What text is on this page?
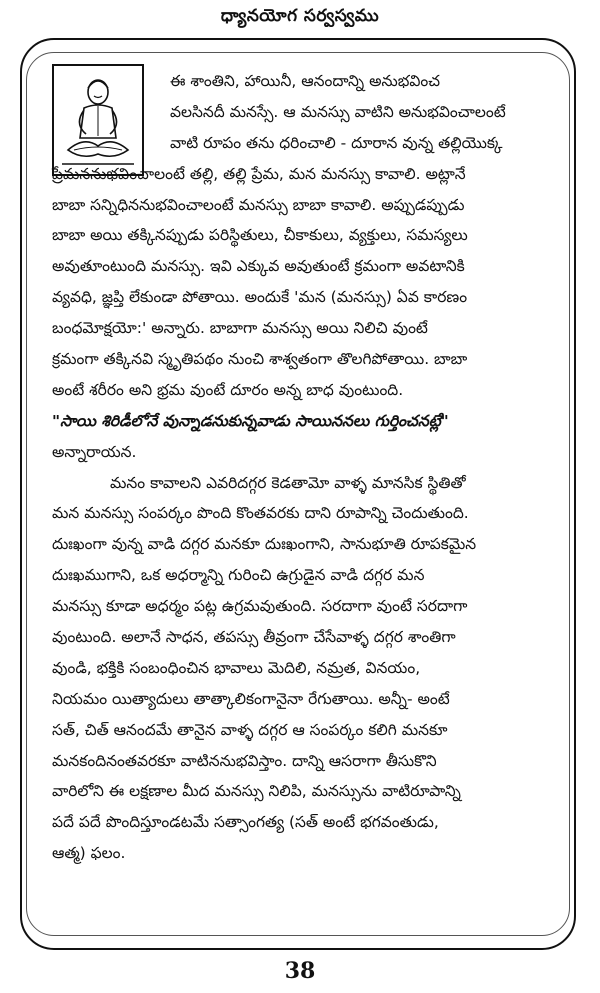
ధ్యానయోగ సర్వస్వము
ఈ శాంతిని, హాయినీ, ఆనందాన్ని అనుభవించ
వలసినదీ మనస్సే. ఆ మనస్సు వాటిని అనుభవించాలంటే
వాటి రూపం తను ధరించాలి - దూరాన వున్న తల్లియొక్క
ప్రేమననుభవించాలంటే తల్లి, తల్లి ప్రేమ, మన మనస్సు కావాలి. అట్లానే
బాబా సన్నిధిననుభవించాలంటే మనస్సు బాబా కావాలి. అప్పుడప్పుడు
బాబా అయి తక్కినప్పుడు పరిస్థితులు, చీకాకులు, వ్యక్తులు, సమస్యలు
అవుతూంటుంది మనస్సు. ఇవి ఎక్కువ అవుతుంటే క్రమంగా అవటానికి
వ్యవధి, జ్ఞప్తి లేకుండా పోతాయి. అందుకే 'మన (మనస్సు) ఏవ కారణం
బంధమోక్షయో:' అన్నారు. బాబాగా మనస్సు అయి నిలిచి వుంటే
క్రమంగా తక్కినవి స్మృతిపథం నుంచి శాశ్వతంగా తొలగిపోతాయి. బాబా
అంటే శరీరం అని భ్రమ వుంటే దూరం అన్న బాధ వుంటుంది.
"సాయి శిరిడీలోనే వున్నాడనుకున్నవాడు సాయిననలు గుర్తించనట్లే"
అన్నారాయన.
మనం కావాలని ఎవరిదగ్గర కెడతామో వాళ్ళ మానసిక స్థితితో
మన మనస్సు సంపర్కం పొంది కొంతవరకు దాని రూపాన్ని చెందుతుంది.
దుఃఖంగా వున్న వాడి దగ్గర మనకూ దుఃఖంగాని, సానుభూతి రూపకమైన
దుఃఖముగాని, ఒక అధర్మాన్ని గురించి ఉగ్రుడైన వాడి దగ్గర మన
మనస్సు కూడా అధర్మం పట్ల ఉగ్రమవుతుంది. సరదాగా వుంటే సరదాగా
వుంటుంది. అలానే సాధన, తపస్సు తీవ్రంగా చేసేవాళ్ళ దగ్గర శాంతిగా
వుండి, భక్తికి సంబంధించిన భావాలు మెదిలి, నమ్రత, వినయం,
నియమం యిత్యాదులు తాత్కాలికంగానైనా రేగుతాయి. అన్నీ- అంటే
సత్, చిత్ ఆనందమే తానైన వాళ్ళ దగ్గర ఆ సంపర్కం కలిగి మనకూ
మనకందినంతవరకూ వాటిననుభవిస్తాం. దాన్ని ఆసరాగా తీసుకొని
వారిలోని ఈ లక్షణాల మీద మనస్సు నిలిపి, మనస్సును వాటిరూపాన్ని
పదే పదే పొందిస్తూండటమే సత్సాంగత్య (సత్ అంటే భగవంతుడు,
ఆత్మ) ఫలం.
38
